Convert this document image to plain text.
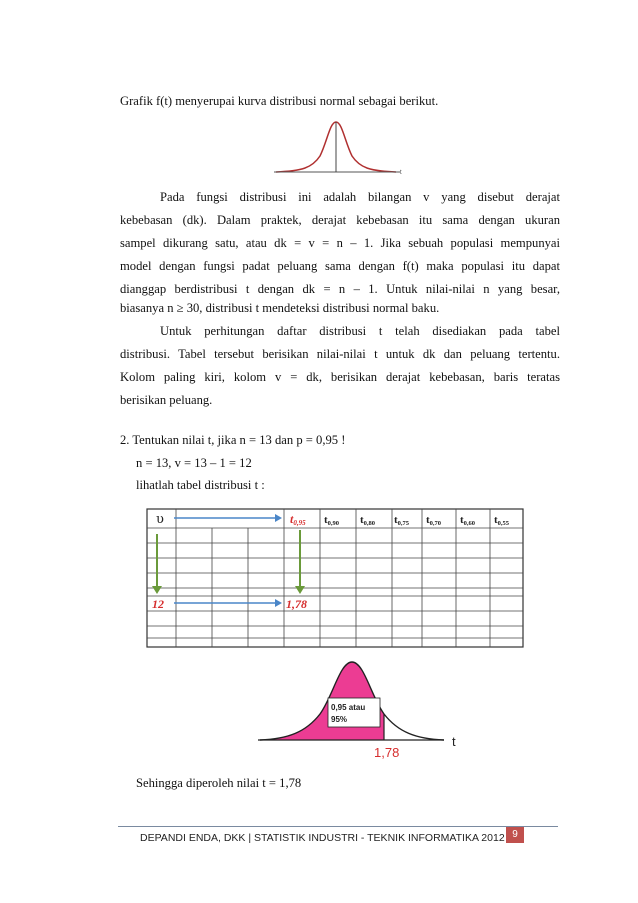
Grafik f(t) menyerupai kurva distribusi normal sebagai berikut.

t
Pada fungsi distribusi ini adalah bilangan v yang disebut derajat
kebebasan (dk). Dalam praktek, derajat kebebasan itu sama dengan ukuran
sampel dikurang satu, atau dk = v = n – 1. Jika sebuah populasi mempunyai
model dengan fungsi padat peluang sama dengan f(t) maka populasi itu dapat
dianggap berdistribusi t dengan dk = n – 1. Untuk nilai-nilai n yang besar,
biasanya n ≥ 30, distribusi t mendeteksi distribusi normal baku.
Untuk perhitungan daftar distribusi t telah disediakan pada tabel
distribusi. Tabel tersebut berisikan nilai-nilai t untuk dk dan peluang tertentu.
Kolom paling kiri, kolom v = dk, berisikan derajat kebebasan, baris teratas
berisikan peluang.
2. Tentukan nilai t, jika n = 13 dan p = 0,95 !
n = 13, v = 13 – 1 = 12
lihatlah tabel distribusi t :
υ	t0,95 t0,90 t0,80 t0,75 t0,70 t0,60 t0,55
12	1,78
0,95 atau
95%
1,78
t
Sehingga diperoleh nilai t = 1,78
DEPANDI ENDA, DKK | STATISTIK INDUSTRI - TEKNIK INFORMATIKA 2012 9
